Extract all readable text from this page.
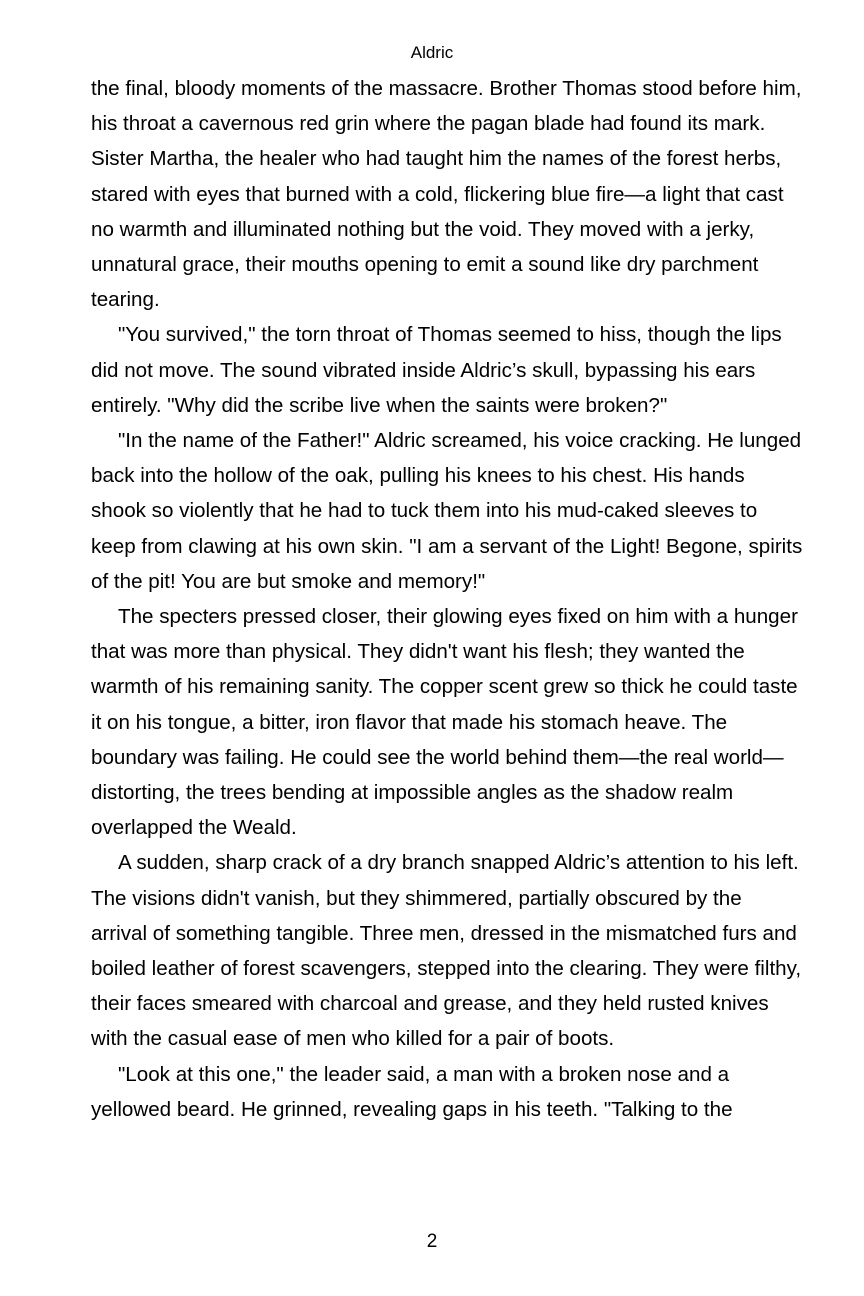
Aldric

the final, bloody moments of the massacre. Brother Thomas stood before him, his throat a cavernous red grin where the pagan blade had found its mark. Sister Martha, the healer who had taught him the names of the forest herbs, stared with eyes that burned with a cold, flickering blue fire—a light that cast no warmth and illuminated nothing but the void. They moved with a jerky, unnatural grace, their mouths opening to emit a sound like dry parchment tearing.

"You survived," the torn throat of Thomas seemed to hiss, though the lips did not move. The sound vibrated inside Aldric’s skull, bypassing his ears entirely. "Why did the scribe live when the saints were broken?"

"In the name of the Father!" Aldric screamed, his voice cracking. He lunged back into the hollow of the oak, pulling his knees to his chest. His hands shook so violently that he had to tuck them into his mud-caked sleeves to keep from clawing at his own skin. "I am a servant of the Light! Begone, spirits of the pit! You are but smoke and memory!"

The specters pressed closer, their glowing eyes fixed on him with a hunger that was more than physical. They didn't want his flesh; they wanted the warmth of his remaining sanity. The copper scent grew so thick he could taste it on his tongue, a bitter, iron flavor that made his stomach heave. The boundary was failing. He could see the world behind them—the real world—distorting, the trees bending at impossible angles as the shadow realm overlapped the Weald.

A sudden, sharp crack of a dry branch snapped Aldric’s attention to his left. The visions didn't vanish, but they shimmered, partially obscured by the arrival of something tangible. Three men, dressed in the mismatched furs and boiled leather of forest scavengers, stepped into the clearing. They were filthy, their faces smeared with charcoal and grease, and they held rusted knives with the casual ease of men who killed for a pair of boots.

"Look at this one," the leader said, a man with a broken nose and a yellowed beard. He grinned, revealing gaps in his teeth. "Talking to the

2
